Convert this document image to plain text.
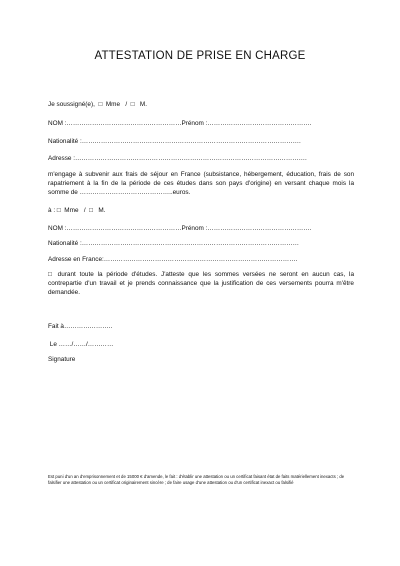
ATTESTATION DE PRISE EN CHARGE
Je soussigné(e),  □  Mme   /  □   M.
NOM :………………………………………………Prénom :………………………………………….
Nationalité :………………………………………………………………………………………….
Adresse :……………………………………………………………………………………………….
m'engage à subvenir aux frais de séjour en France (subsistance, hébergement, éducation, frais de son rapatriement à la fin de la période de ces études dans son pays d'origine) en versant chaque mois la somme de ……………………………………..euros.
à : □  Mme   /  □   M.
NOM :………………………………………………Prénom :………………………………………….
Nationalité :…………………………………………………………………………………………
Adresse en France:……………………………………………………………………………….
□ durant toute la période d'études. J'atteste que les sommes versées ne seront en aucun cas, la contrepartie d'un travail et je prends connaissance que la justification de ces versements pourra m'être demandée.
Fait à…………………..
Le ……/……/…………
Signature
Est puni d'un an d'emprisonnement et de 15000 € d'amende, le fait : d'établir une attestation ou un certificat faisant état de faits matériellement inexacts ; de falsifier une attestation ou un certificat originairement sincère ; de faire usage d'une attestation ou d'un certificat inexact ou falsifié
